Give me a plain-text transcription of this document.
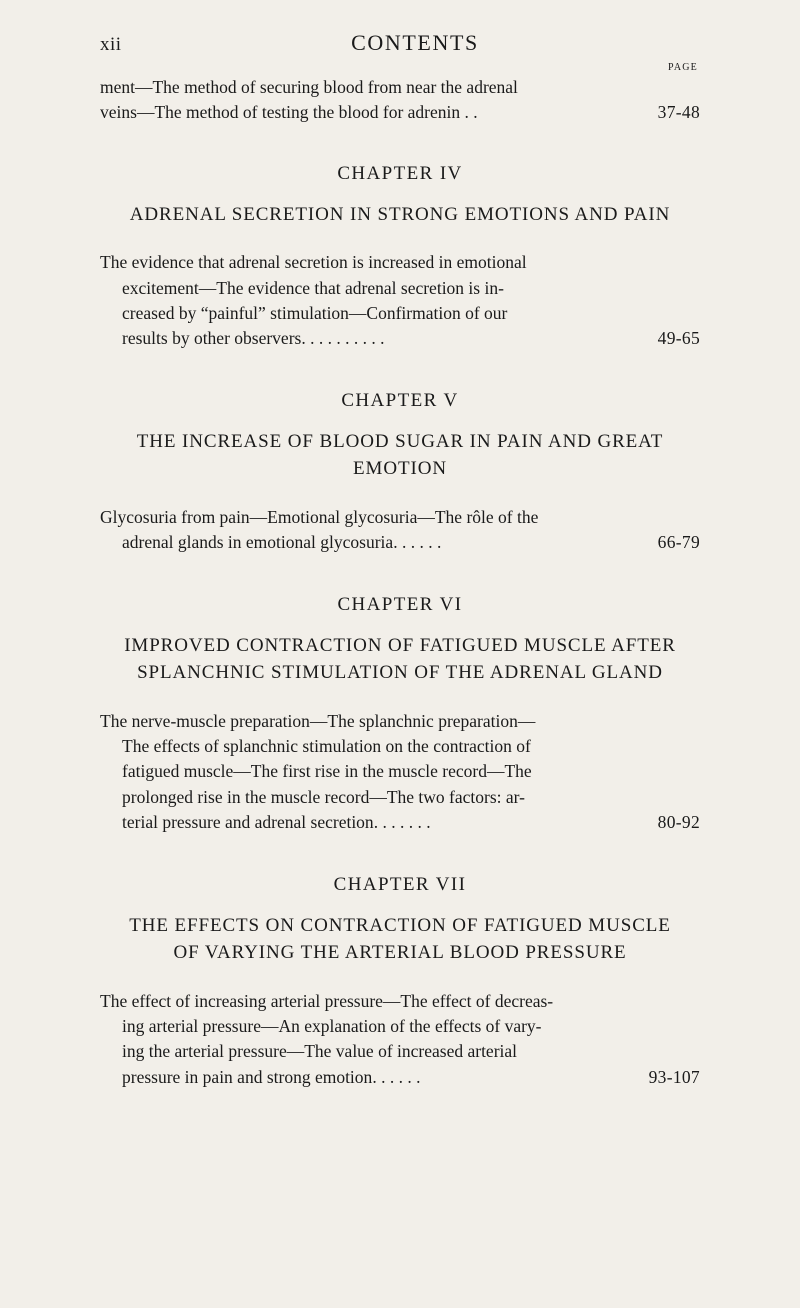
xii	CONTENTS
PAGE
ment—The method of securing blood from near the adrenal
veins—The method of testing the blood for adrenin . .	37-48
CHAPTER IV
ADRENAL SECRETION IN STRONG EMOTIONS AND PAIN

The evidence that adrenal secretion is increased in emotional

excitement—The evidence that adrenal secretion is in-

creased by “painful” stimulation—Confirmation of our

results by other observers . . . . . . . . . .	49-65
CHAPTER V
THE INCREASE OF BLOOD SUGAR IN PAIN AND GREAT EMOTION

Glycosuria from pain—Emotional glycosuria—The rôle of the

adrenal glands in emotional glycosuria . . . . . .	66-79
CHAPTER VI
IMPROVED CONTRACTION OF FATIGUED MUSCLE AFTER SPLANCHNIC STIMULATION OF THE ADRENAL GLAND

The nerve-muscle preparation—The splanchnic preparation—

The effects of splanchnic stimulation on the contraction of

fatigued muscle—The first rise in the muscle record—The

prolonged rise in the muscle record—The two factors: ar-

terial pressure and adrenal secretion . . . . . . .	80-92
CHAPTER VII
THE EFFECTS ON CONTRACTION OF FATIGUED MUSCLE OF VARYING THE ARTERIAL BLOOD PRESSURE

The effect of increasing arterial pressure—The effect of decreas-

ing arterial pressure—An explanation of the effects of vary-

ing the arterial pressure—The value of increased arterial

pressure in pain and strong emotion . . . . . .	93-107
